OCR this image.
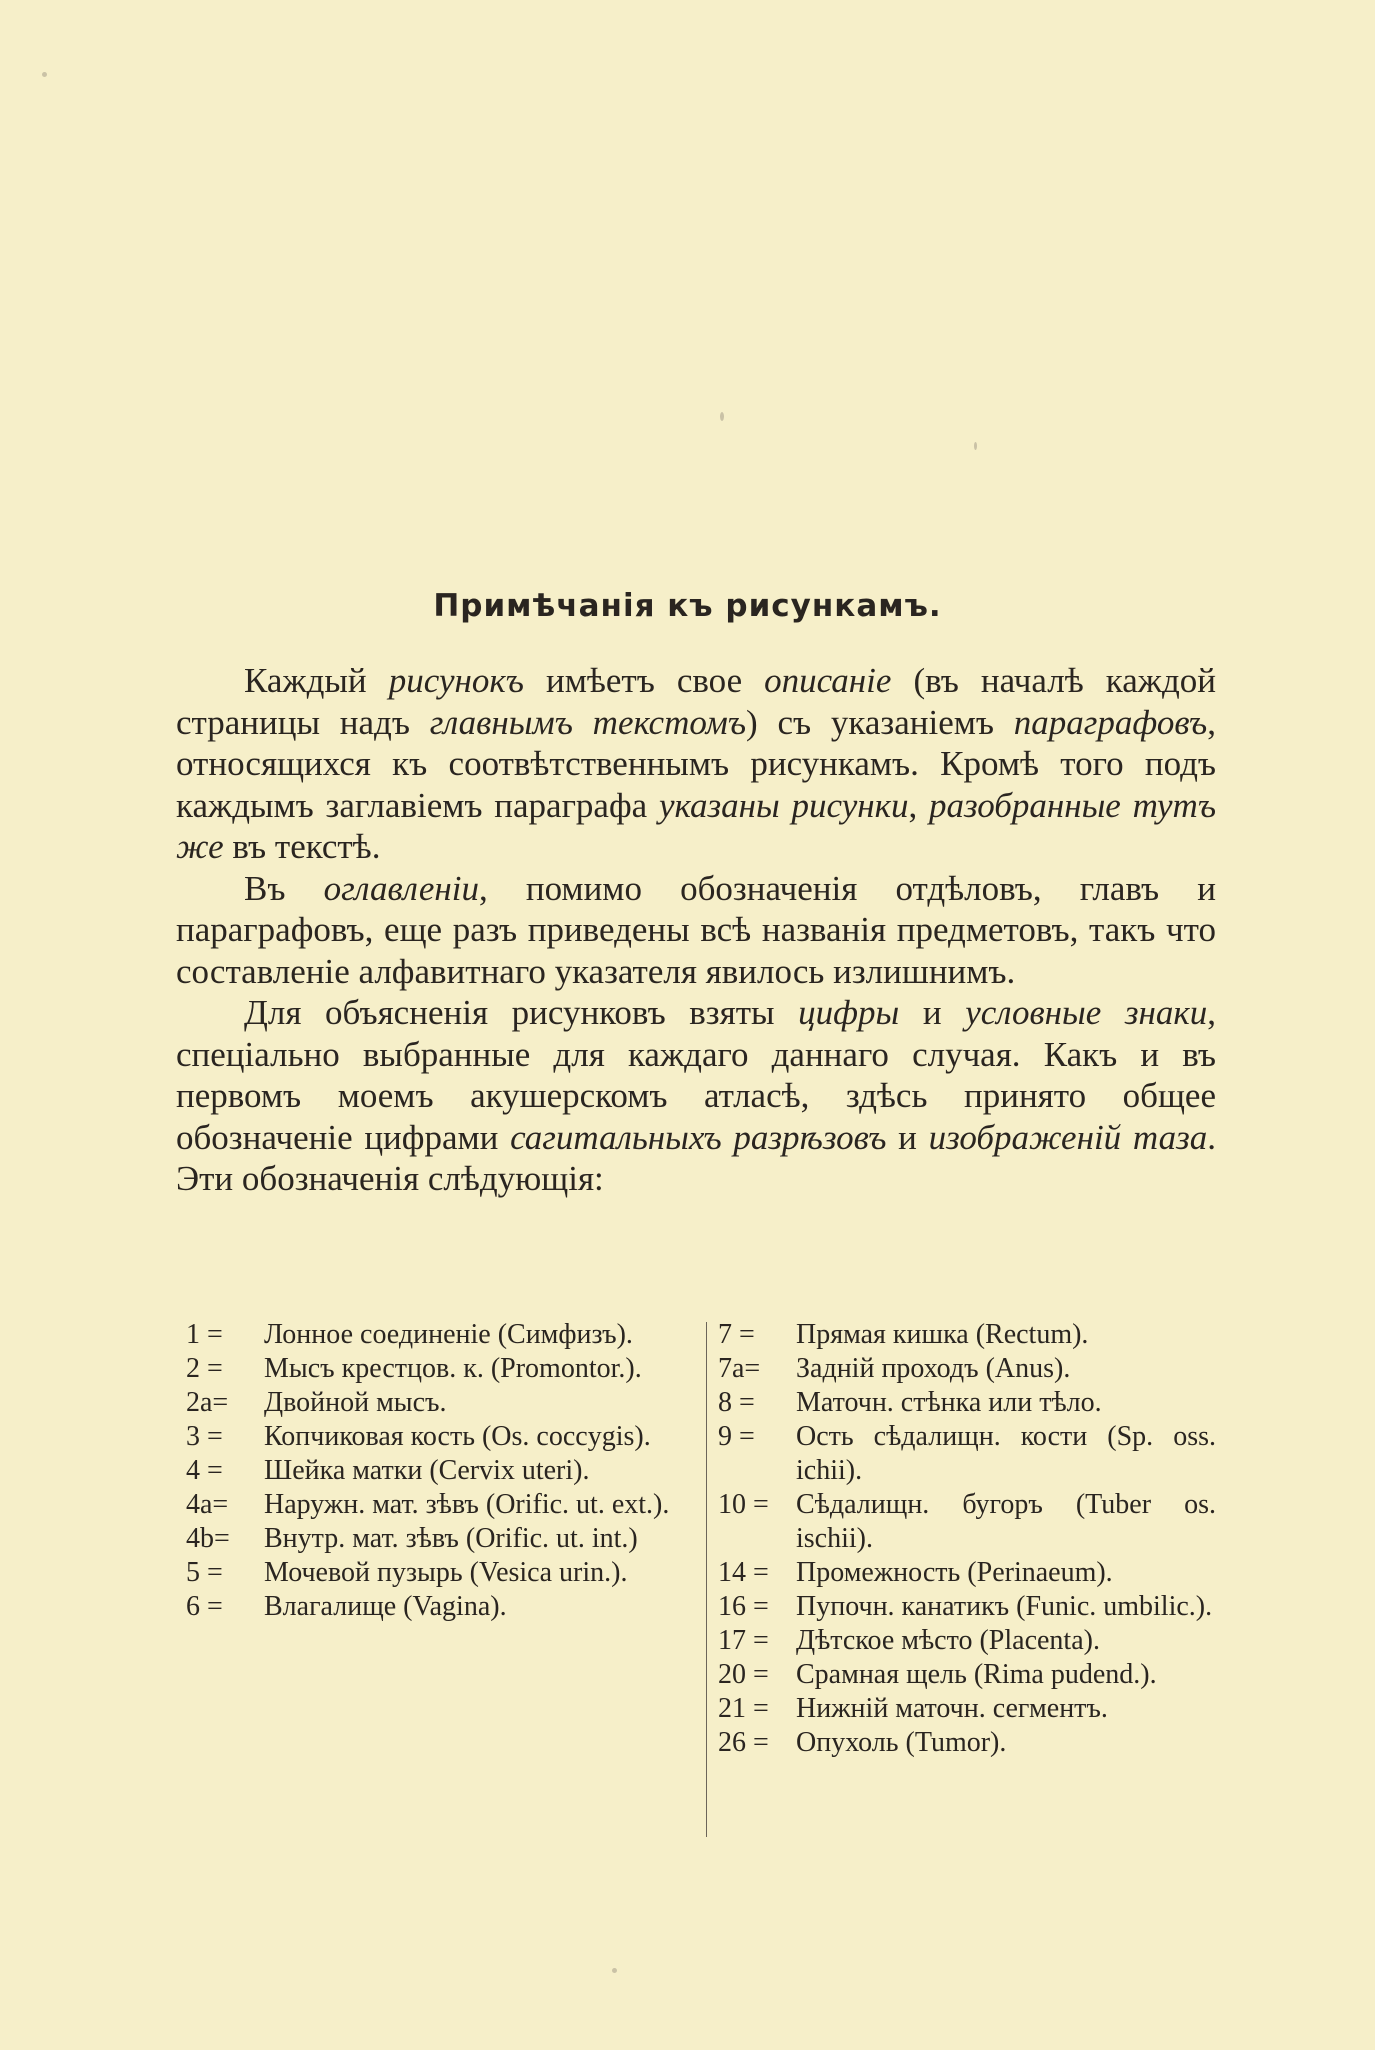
Примѣчанія къ рисункамъ.

Каждый рисунокъ имѣетъ свое описаніе (въ началѣ каждой страницы надъ главнымъ текстомъ) съ указаніемъ параграфовъ, относящихся къ соотвѣтственнымъ рисункамъ. Кромѣ того подъ каждымъ заглавіемъ параграфа указаны рисунки, разобранные тутъ же въ текстѣ.

Въ оглавленіи, помимо обозначенія отдѣловъ, главъ и параграфовъ, еще разъ приведены всѣ названія предметовъ, такъ что составленіе алфавитнаго указателя явилось излишнимъ.

Для объясненія рисунковъ взяты цифры и условные знаки, спеціально выбранные для каждаго даннаго случая. Какъ и въ первомъ моемъ акушерскомъ атласѣ, здѣсь принято общее обозначеніе цифрами сагитальныхъ разрѣзовъ и изображеній таза. Эти обозначенія слѣдующія:

1 =	Лонное соединеніе (Симфизъ).
2 =	Мысъ крестцов. к. (Promontor.).
2a=	Двойной мысъ.
3 =	Копчиковая кость (Os. coccygis).
4 =	Шейка матки (Cervix uteri).
4a=	Наружн. мат. зѣвъ (Orific. ut. ext.).
4b=	Внутр. мат. зѣвъ (Orific. ut. int.)
5 =	Мочевой пузырь (Vesica urin.).
6 =	Влагалище (Vagina).
7 =	Прямая кишка (Rectum).
7a=	Задній проходъ (Anus).
8 =	Маточн. стѣнка или тѣло.
9 =	Ость сѣдалищн. кости (Sp. oss. ichii).
10 = Сѣдалищн. бугоръ (Tuber os. ischii).
14 = Промежность (Perinaeum).
16 = Пупочн. канатикъ (Funic. umbilic.).
17 = Дѣтское мѣсто (Placenta).
20 = Срамная щель (Rima pudend.).
21 = Нижній маточн. сегментъ.
26 = Опухоль (Tumor).
